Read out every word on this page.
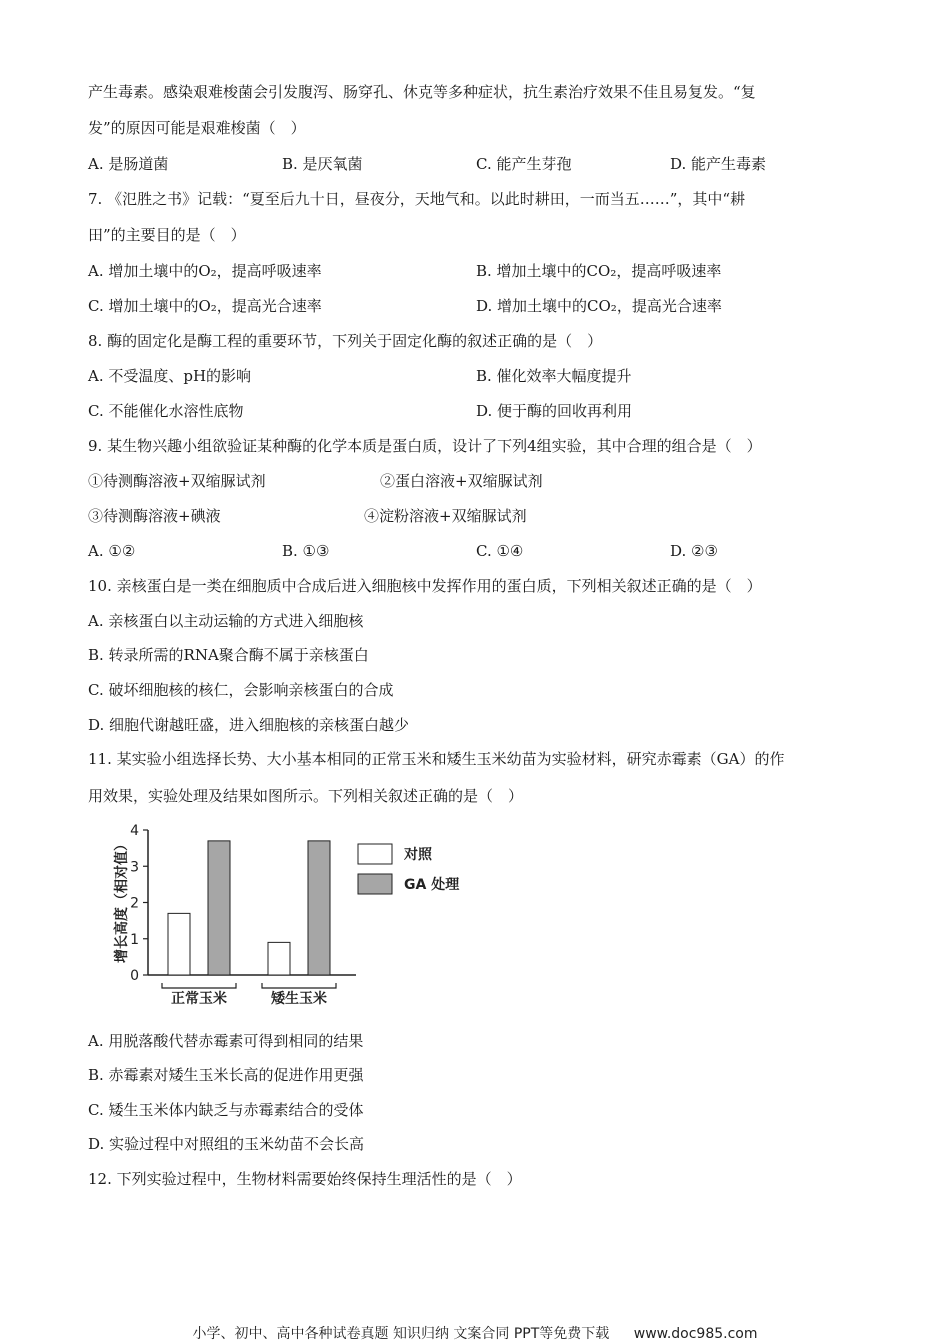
产生毒素。感染艰难梭菌会引发腹泻、肠穿孔、休克等多种症状，抗生素治疗效果不佳且易复发。“复
发”的原因可能是艰难梭菌（　）
A. 是肠道菌	B. 是厌氧菌	C. 能产生芽孢	D. 能产生毒素
7. 《氾胜之书》记载：“夏至后九十日，昼夜分，天地气和。以此时耕田，一而当五……”，其中“耕
田”的主要目的是（　）
A. 增加土壤中的O₂，提高呼吸速率	B. 增加土壤中的CO₂，提高呼吸速率
C. 增加土壤中的O₂，提高光合速率	D. 增加土壤中的CO₂，提高光合速率
8. 酶的固定化是酶工程的重要环节，下列关于固定化酶的叙述正确的是（　）
A. 不受温度、pH的影响	B. 催化效率大幅度提升
C. 不能催化水溶性底物	D. 便于酶的回收再利用
9. 某生物兴趣小组欲验证某种酶的化学本质是蛋白质，设计了下列4组实验，其中合理的组合是（　）
①待测酶溶液+双缩脲试剂	②蛋白溶液+双缩脲试剂
③待测酶溶液+碘液	④淀粉溶液+双缩脲试剂
A. ①②	B. ①③	C. ①④	D. ②③
10. 亲核蛋白是一类在细胞质中合成后进入细胞核中发挥作用的蛋白质，下列相关叙述正确的是（　）
A. 亲核蛋白以主动运输的方式进入细胞核
B. 转录所需的RNA聚合酶不属于亲核蛋白
C. 破坏细胞核的核仁，会影响亲核蛋白的合成
D. 细胞代谢越旺盛，进入细胞核的亲核蛋白越少
11. 某实验小组选择长势、大小基本相同的正常玉米和矮生玉米幼苗为实验材料，研究赤霉素（GA）的作
用效果，实验处理及结果如图所示。下列相关叙述正确的是（　）
增长高度（相对值）
0
1
2
3
4
正常玉米	矮生玉米
对照
GA 处理
A. 用脱落酸代替赤霉素可得到相同的结果
B. 赤霉素对矮生玉米长高的促进作用更强
C. 矮生玉米体内缺乏与赤霉素结合的受体
D. 实验过程中对照组的玉米幼苗不会长高
12. 下列实验过程中，生物材料需要始终保持生理活性的是（　）
小学、初中、高中各种试卷真题 知识归纳 文案合同 PPT等免费下载 www.doc985.com
